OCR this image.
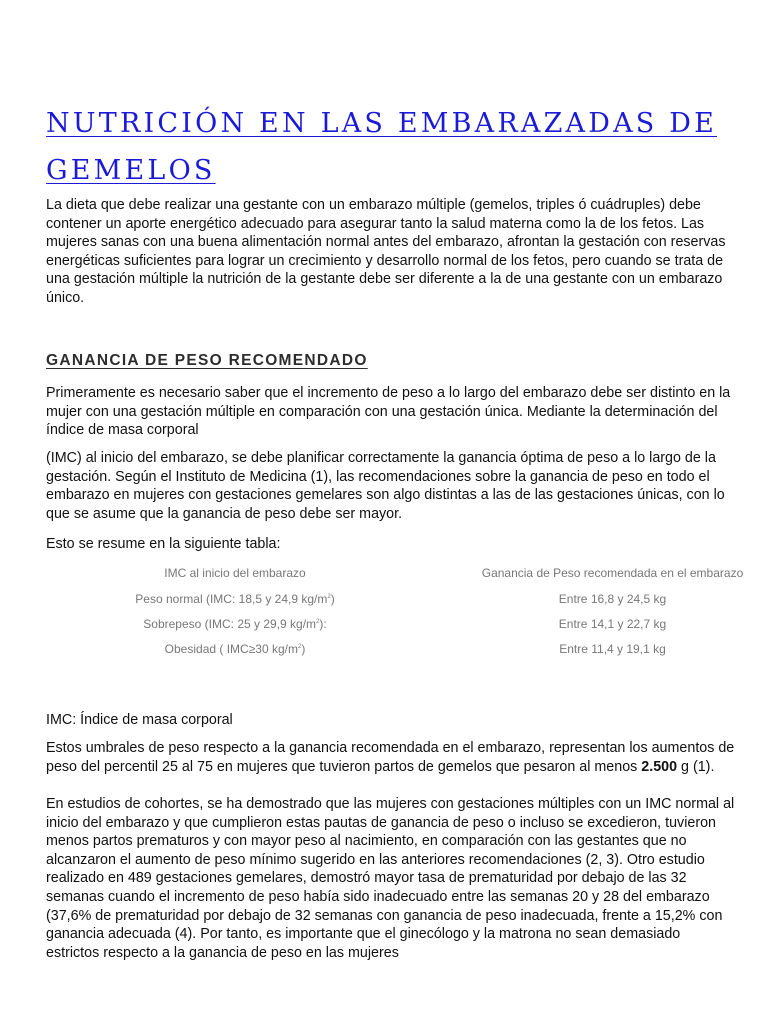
NUTRICIÓN EN LAS EMBARAZADAS DE GEMELOS
La dieta que debe realizar una gestante con un embarazo múltiple (gemelos, triples ó cuádruples) debe contener un aporte energético adecuado para asegurar tanto la salud materna como la de los fetos. Las mujeres sanas con una buena alimentación normal antes del embarazo, afrontan la gestación con reservas energéticas suficientes para lograr un crecimiento y desarrollo normal de los fetos, pero cuando se trata de una gestación múltiple la nutrición de la gestante debe ser diferente a la de una gestante con un embarazo único.
GANANCIA DE PESO RECOMENDADO
Primeramente es necesario saber que el incremento de peso a lo largo del embarazo debe ser distinto en la mujer con una gestación múltiple en comparación con una gestación única. Mediante la determinación del índice de masa corporal
(IMC) al inicio del embarazo, se debe planificar correctamente la ganancia óptima de peso a lo largo de la gestación. Según el Instituto de Medicina (1), las recomendaciones sobre la ganancia de peso en todo el embarazo en mujeres con gestaciones gemelares son algo distintas a las de las gestaciones únicas, con lo que se asume que la ganancia de peso debe ser mayor.
Esto se resume en la siguiente tabla:
IMC al inicio del embarazo	Ganancia de Peso recomendada en el embarazo
Peso normal (IMC: 18,5 y 24,9 $kg/m^2$)	Entre 16,8 y 24,5 kg
Sobrepeso (IMC: 25 y 29,9 $kg/m^2$):	Entre 14,1 y 22,7 kg
Obesidad ( IMC≥30 $kg/m^2$)	Entre 11,4 y 19,1 kg
IMC: Índice de masa corporal
Estos umbrales de peso respecto a la ganancia recomendada en el embarazo, representan los aumentos de peso del percentil 25 al 75 en mujeres que tuvieron partos de gemelos que pesaron al menos 2.500 g (1).
En estudios de cohortes, se ha demostrado que las mujeres con gestaciones múltiples con un IMC normal al inicio del embarazo y que cumplieron estas pautas de ganancia de peso o incluso se excedieron, tuvieron menos partos prematuros y con mayor peso al nacimiento, en comparación con las gestantes que no alcanzaron el aumento de peso mínimo sugerido en las anteriores recomendaciones (2, 3). Otro estudio realizado en 489 gestaciones gemelares, demostró mayor tasa de prematuridad por debajo de las 32 semanas cuando el incremento de peso había sido inadecuado entre las semanas 20 y 28 del embarazo (37,6% de prematuridad por debajo de 32 semanas con ganancia de peso inadecuada, frente a 15,2% con ganancia adecuada (4). Por tanto, es importante que el ginecólogo y la matrona no sean demasiado estrictos respecto a la ganancia de peso en las mujeres
